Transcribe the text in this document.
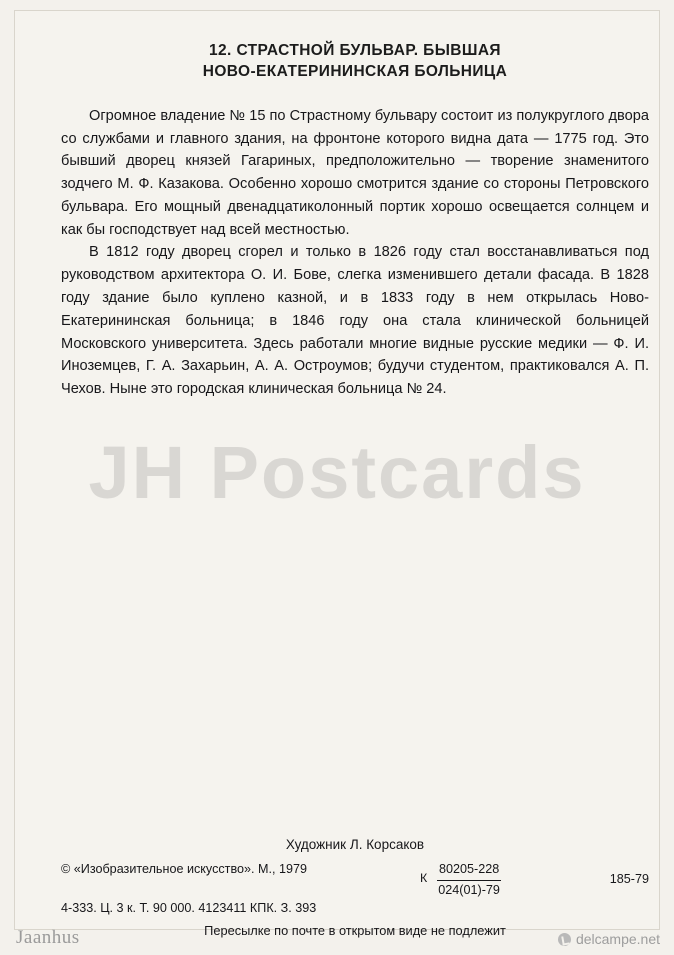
12. СТРАСТНОЙ БУЛЬВАР. БЫВШАЯ
НОВО-ЕКАТЕРИНИНСКАЯ БОЛЬНИЦА

Огромное владение № 15 по Страстному бульвару состоит из полукруглого двора со службами и главного здания, на фронтоне которого видна дата — 1775 год. Это бывший дворец князей Гагариных, предположительно — творение знаменитого зодчего М. Ф. Казакова. Особенно хорошо смотрится здание со стороны Петровского бульвара. Его мощный двенадцатиколонный портик хорошо освещается солнцем и как бы господствует над всей местностью.

В 1812 году дворец сгорел и только в 1826 году стал восстанавливаться под руководством архитектора О. И. Бове, слегка изменившего детали фасада. В 1828 году здание было куплено казной, и в 1833 году в нем открылась Ново-Екатерининская больница; в 1846 году она стала клинической больницей Московского университета. Здесь работали многие видные русские медики — Ф. И. Иноземцев, Г. А. Захарьин, А. А. Остроумов; будучи студентом, практиковался А. П. Чехов. Ныне это городская клиническая больница № 24.

Художник Л. Корсаков
© «Изобразительное искусство». М., 1979
К $\frac{80205-228}{024(01)-79}$	185-79
4-333. Ц. 3 к. Т. 90 000. 4123411 КПК. З. 393
Пересылке по почте в открытом виде не подлежит
JH Postcards
Jaanhus	delcampe.net
